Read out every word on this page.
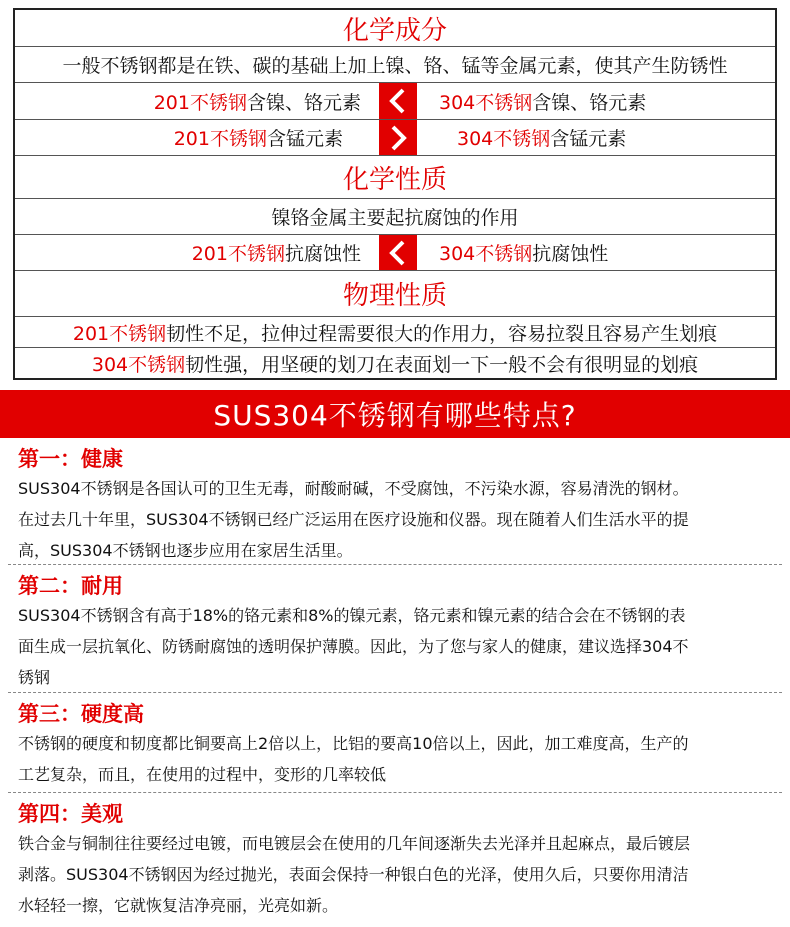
化学成分
一般不锈钢都是在铁、碳的基础上加上镍、铬、锰等金属元素，使其产生防锈性
201不锈钢含镍、铬元素	304不锈钢含镍、铬元素
201不锈钢含锰元素	304不锈钢含锰元素
化学性质
镍铬金属主要起抗腐蚀的作用
201不锈钢抗腐蚀性	304不锈钢抗腐蚀性
物理性质
201不锈钢 韧性不足，拉伸过程需要很大的作用力，容易拉裂且容易产生划痕
304不锈钢 韧性强，用坚硬的划刀在表面划一下一般不会有很明显的划痕
SUS304不锈钢有哪些特点?
第一：健康

SUS304不锈钢是各国认可的卫生无毒，耐酸耐碱，不受腐蚀，不污染水源，容易清洗的钢材。

在过去几十年里，SUS304不锈钢已经广泛运用在医疗设施和仪器。现在随着人们生活水平的提

高，SUS304不锈钢也逐步应用在家居生活里。

第二：耐用

SUS304不锈钢含有高于18%的铬元素和8%的镍元素，铬元素和镍元素的结合会在不锈钢的表

面生成一层抗氧化、防锈耐腐蚀的透明保护薄膜。因此，为了您与家人的健康，建议选择304不

锈钢

第三：硬度高

不锈钢的硬度和韧度都比铜要高上2倍以上，比铝的要高10倍以上，因此，加工难度高，生产的

工艺复杂，而且，在使用的过程中，变形的几率较低

第四：美观

铁合金与铜制往往要经过电镀，而电镀层会在使用的几年间逐渐失去光泽并且起麻点，最后镀层

剥落。SUS304不锈钢因为经过抛光，表面会保持一种银白色的光泽，使用久后，只要你用清洁

水轻轻一擦，它就恢复洁净亮丽，光亮如新。
